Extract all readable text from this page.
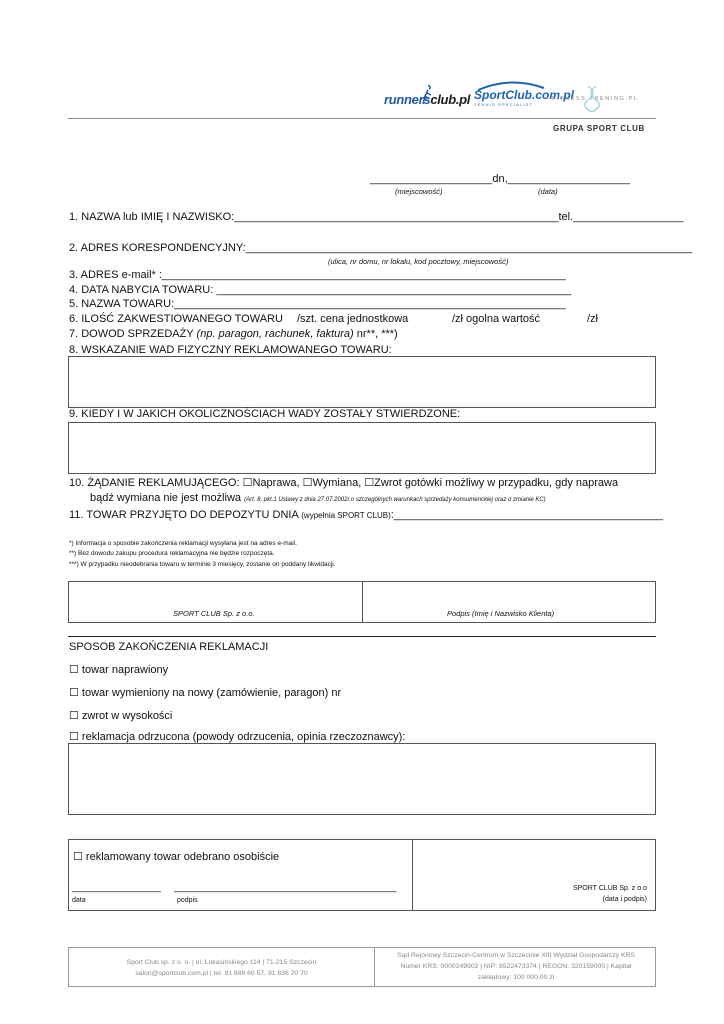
runnersclub.pl SportClub.com.pl
TENNIS SPECIALIST
FITNESS TRENING.PL
GRUPA SPORT CLUB
____________________dn,____________________
(miejscowość)	(data)
1. NAZWA lub IMIĘ I NAZWISKO:_____________________________________________________tel.__________________
2. ADRES KORESPONDENCYJNY:_________________________________________________________________________
(ulica, nr domu, nr lokalu, kod pocztowy, miejscowość)
3. ADRES e-mail* :__________________________________________________________________
4. DATA NABYCIA TOWARU: __________________________________________________________
5. NAZWA TOWARU:________________________________________________________________
6. ILOŚĆ ZAKWESTIOWANEGO TOWARU /szt. cena jednostkowa	/zł ogolna wartość	/zł
7. DOWOD SPRZEDAŻY (np. paragon, rachunek, faktura) nr**, ***)
8. WSKAZANIE WAD FIZYCZNY REKLAMOWANEGO TOWARU:
9. KIEDY I W JAKICH OKOLICZNOŚCIACH WADY ZOSTAŁY STWIERDZONE:
10. ŻĄDANIE REKLAMUJĄCEGO: ☐Naprawa, ☐Wymiana, ☐Zwrot gotówki możliwy w przypadku, gdy naprawa
bądź wymiana nie jest możliwa (Art. 8, pkt.1 Ustawy z dnia 27.07.2002r.o szczególnych warunkach sprzedaży konsumenckiej oraz o zmianie KC)
11. TOWAR PRZYJĘTO DO DEPOZYTU DNIA (wypełnia SPORT CLUB):____________________________________________
*) Informacja o sposobie zakończenia reklamacji wysyłana jest na adres e-mail.
**) Bez dowodu zakupu procedura reklamacyjna nie będzie rozpoczęta.
***) W przypadku nieodebrania towaru w terminie 3 miesięcy, zostanie on poddany likwidacji.
SPORT CLUB Sp. z o.o.	Podpis (Imię i Nazwisko Klienta)
SPOSOB ZAKOŃCZENIA REKLAMACJI
☐ towar naprawiony
☐ towar wymieniony na nowy (zamówienie, paragon) nr
☐ zwrot w wysokości
☐ reklamacja odrzucona (powody odrzucenia, opinia rzeczoznawcy):
☐ reklamowany towar odebrano osobiście
________________ ________________________________________
data	podpis
SPORT CLUB Sp. z o.o
(data i podpis)
Sport Club sp. z o. o. | ul. Łukasińskiego 114 | 71-215 Szczecin
salon@sportclub.com.pl | tel. 91 886 60 57, 91 836 20 70
Sąd Rejonowy Szczecin-Centrum w Szczecinie XIII Wydział Gospodarczy KRS
Numer KRS: 0000249902 | NIP: 8522473374 | REGON: 320159000 | Kapitał
zakładowy: 100 000,00 zł
